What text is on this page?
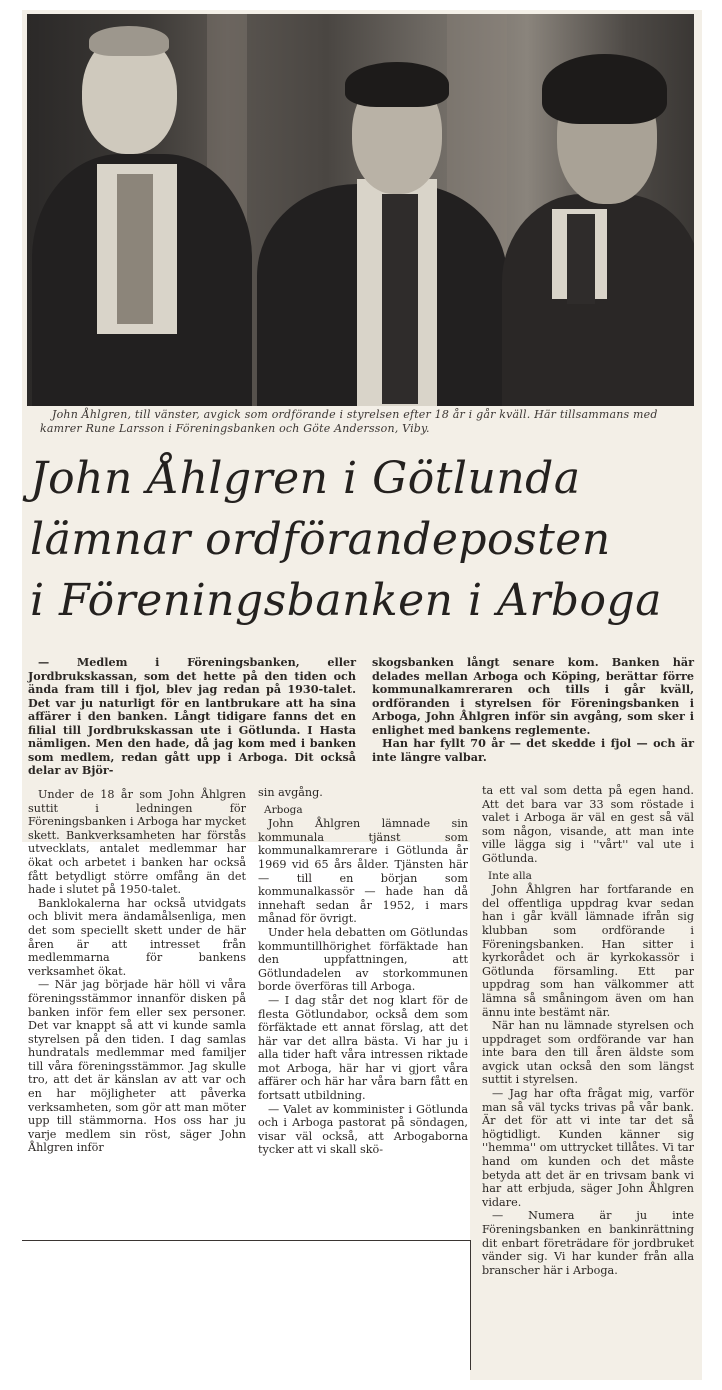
John Åhlgren, till vänster, avgick som ordförande i styrelsen efter 18 år i går kväll. Här tillsammans med kamrer Rune Larsson i Föreningsbanken och Göte Andersson, Viby.
John Åhlgren i Götlunda
lämnar ordförandeposten
i Föreningsbanken i Arboga

— Medlem i Föreningsbanken, eller Jordbrukskassan, som det hette på den tiden och ända fram till i fjol, blev jag redan på 1930-talet. Det var ju naturligt för en lantbrukare att ha sina affärer i den banken. Långt tidigare fanns det en filial till Jordbrukskassan ute i Götlunda. I Hasta nämligen. Men den hade, då jag kom med i banken som medlem, redan gått upp i Arboga. Dit också delar av Björ-

skogsbanken långt senare kom. Banken här delades mellan Arboga och Köping, berättar förre kommunalkamreraren och tills i går kväll, ordföranden i styrelsen för Föreningsbanken i Arboga, John Åhlgren inför sin avgång, som sker i enlighet med bankens reglemente.

Han har fyllt 70 år — det skedde i fjol — och är inte längre valbar.

Under de 18 år som John Åhlgren suttit i ledningen för Föreningsbanken i Arboga har mycket skett. Bankverksamheten har förstås utvecklats, antalet medlemmar har ökat och arbetet i banken har också fått betydligt större omfång än det hade i slutet på 1950-talet.

Banklokalerna har också utvidgats och blivit mera ändamålsenliga, men det som speciellt skett under de här åren är att intresset från medlemmarna för bankens verksamhet ökat.

— När jag började här höll vi våra föreningsstämmor innanför disken på banken inför fem eller sex personer. Det var knappt så att vi kunde samla styrelsen på den tiden. I dag samlas hundratals medlemmar med familjer till våra föreningsstämmor. Jag skulle tro, att det är känslan av att var och en har möjligheter att påverka verksamheten, som gör att man möter upp till stämmorna. Hos oss har ju varje medlem sin röst, säger John Åhlgren inför

sin avgång.

Arboga

John Åhlgren lämnade sin kommunala tjänst som kommunalkamrerare i Götlunda år 1969 vid 65 års ålder. Tjänsten här — till en början som kommunalkassör — hade han då innehaft sedan år 1952, i mars månad för övrigt.

Under hela debatten om Götlundas kommuntillhörighet förfäktade han den uppfattningen, att Götlundadelen av storkommunen borde överföras till Arboga.

— I dag står det nog klart för de flesta Götlundabor, också dem som förfäktade ett annat förslag, att det här var det allra bästa. Vi har ju i alla tider haft våra intressen riktade mot Arboga, här har vi gjort våra affärer och här har våra barn fått en fortsatt utbildning.

— Valet av komminister i Götlunda och i Arboga pastorat på söndagen, visar väl också, att Arbogaborna tycker att vi skall skö-

ta ett val som detta på egen hand. Att det bara var 33 som röstade i valet i Arboga är väl en gest så väl som någon, visande, att man inte ville lägga sig i ''vårt'' val ute i Götlunda.

Inte alla

John Åhlgren har fortfarande en del offentliga uppdrag kvar sedan han i går kväll lämnade ifrån sig klubban som ordförande i Föreningsbanken. Han sitter i kyrkorådet och är kyrkokassör i Götlunda församling. Ett par uppdrag som han välkommer att lämna så småningom även om han ännu inte bestämt när.

När han nu lämnade styrelsen och uppdraget som ordförande var han inte bara den till åren äldste som avgick utan också den som längst suttit i styrelsen.

— Jag har ofta frågat mig, varför man så väl tycks trivas på vår bank. Är det för att vi inte tar det så högtidligt. Kunden känner sig ''hemma'' om uttrycket tillåtes. Vi tar hand om kunden och det måste betyda att det är en trivsam bank vi har att erbjuda, säger John Åhlgren vidare.

— Numera är ju inte Föreningsbanken en bankinrättning dit enbart företrädare för jordbruket vänder sig. Vi har kunder från alla branscher här i Arboga.
